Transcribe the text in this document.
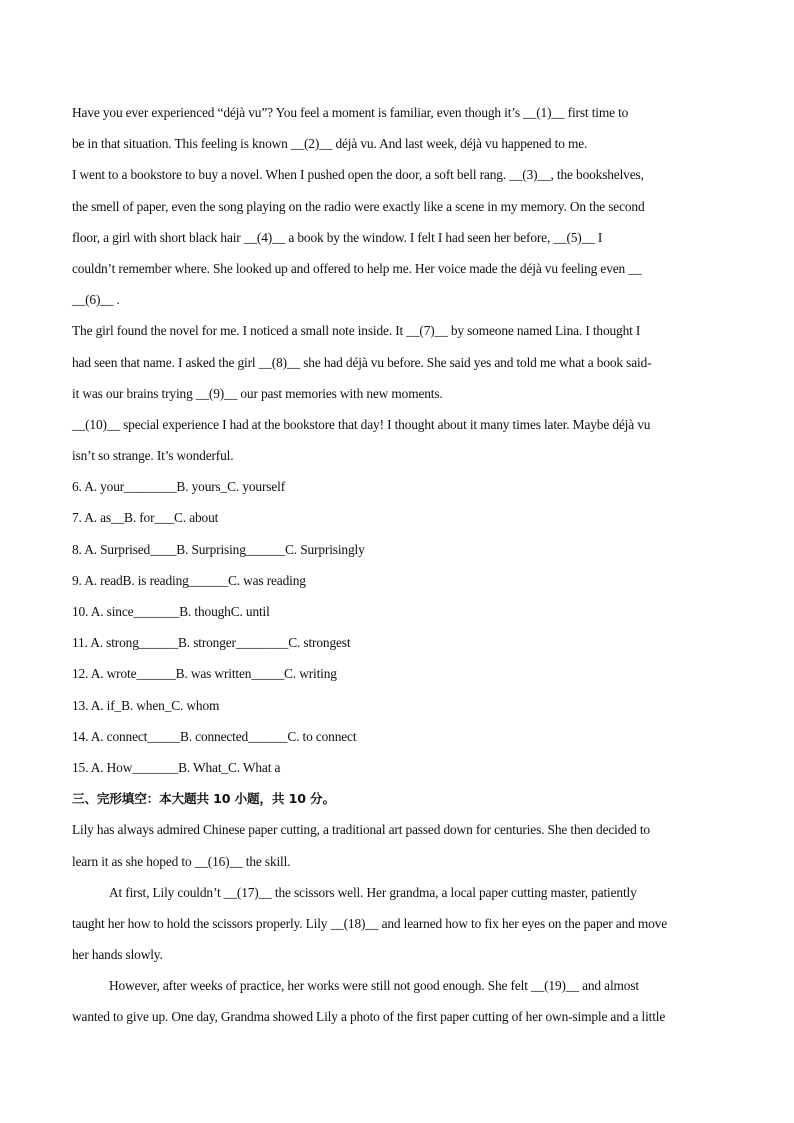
Have you ever experienced “déjà vu”? You feel a moment is familiar, even though it’s __(1)__ first time to
be in that situation. This feeling is known __(2)__ déjà vu. And last week, déjà vu happened to me.
I went to a bookstore to buy a novel. When I pushed open the door, a soft bell rang. __(3)__, the bookshelves,
the smell of paper, even the song playing on the radio were exactly like a scene in my memory. On the second
floor, a girl with short black hair __(4)__ a book by the window. I felt I had seen her before, __(5)__ I
couldn’t remember where. She looked up and offered to help me. Her voice made the déjà vu feeling even __
__(6)__ .
The girl found the novel for me. I noticed a small note inside. It __(7)__ by someone named Lina. I thought I
had seen that name. I asked the girl __(8)__ she had déjà vu before. She said yes and told me what a book said-
it was our brains trying __(9)__ our past memories with new moments.
__(10)__ special experience I had at the bookstore that day! I thought about it many times later. Maybe déjà vu
isn’t so strange. It’s wonderful.
6. A. your________B. yours_C. yourself
7. A. as__B. for___C. about
8. A. Surprised____B. Surprising______C. Surprisingly
9. A. readB. is reading______C. was reading
10. A. since_______B. thoughC. until
11. A. strong______B. stronger________C. strongest
12. A. wrote______B. was written_____C. writing
13. A. if_B. when_C. whom
14. A. connect_____B. connected______C. to connect
15. A. How_______B. What_C. What a
三、完形填空：本大题共 10 小题，共 10 分。
Lily has always admired Chinese paper cutting, a traditional art passed down for centuries. She then decided to
learn it as she hoped to __(16)__ the skill.
At first, Lily couldn’t __(17)__ the scissors well. Her grandma, a local paper cutting master, patiently
taught her how to hold the scissors properly. Lily __(18)__ and learned how to fix her eyes on the paper and move
her hands slowly.
However, after weeks of practice, her works were still not good enough. She felt __(19)__ and almost
wanted to give up. One day, Grandma showed Lily a photo of the first paper cutting of her own-simple and a little
